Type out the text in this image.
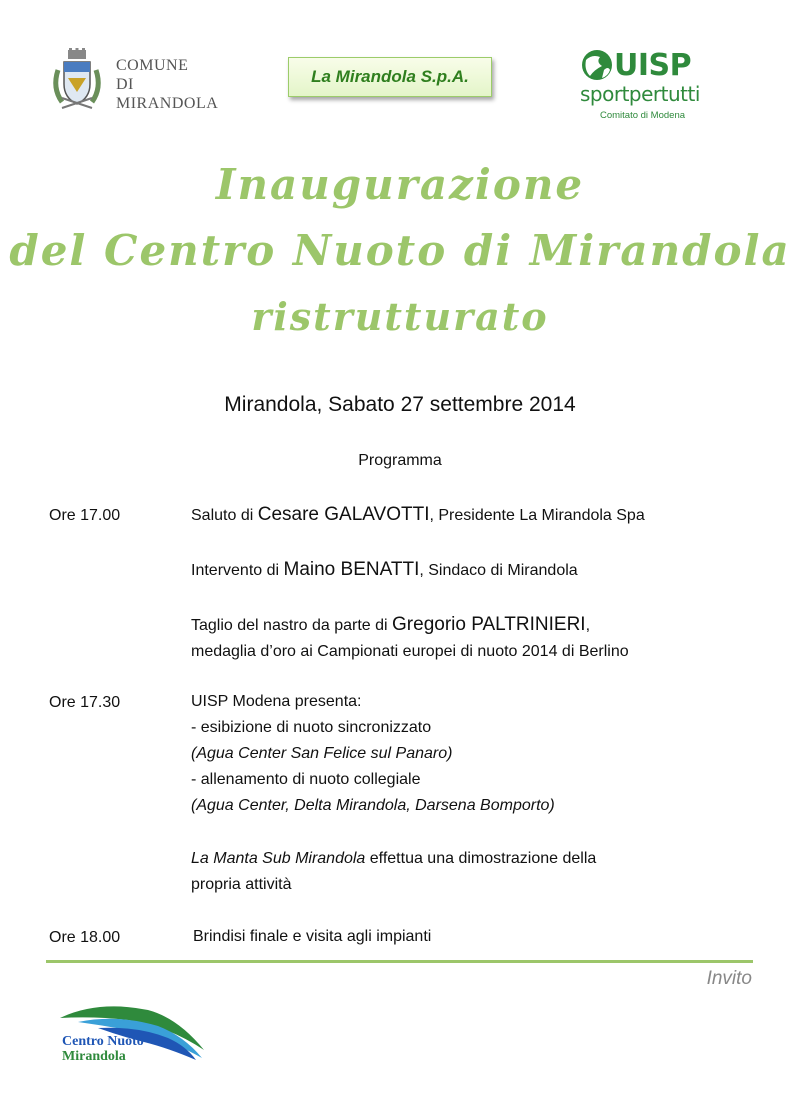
COMUNE
DI
MIRANDOLA
La Mirandola S.p.A.	UISP
sportpertutti
Comitato di Modena
Inaugurazione
del Centro Nuoto di Mirandola
ristrutturato
Mirandola, Sabato 27 settembre 2014
Programma
Ore 17.00	Saluto di Cesare GALAVOTTI, Presidente La Mirandola Spa
Intervento di Maino BENATTI, Sindaco di Mirandola
Taglio del nastro da parte di Gregorio PALTRINIERI,
medaglia d’oro ai Campionati europei di nuoto 2014 di Berlino
Ore 17.30	UISP Modena presenta:
- esibizione di nuoto sincronizzato
(Agua Center San Felice sul Panaro)
- allenamento di nuoto collegiale
(Agua Center, Delta Mirandola, Darsena Bomporto)
La Manta Sub Mirandola effettua una dimostrazione della
propria attività
Ore 18.00	Brindisi finale e visita agli impianti
Invito
Centro Nuoto
Mirandola
